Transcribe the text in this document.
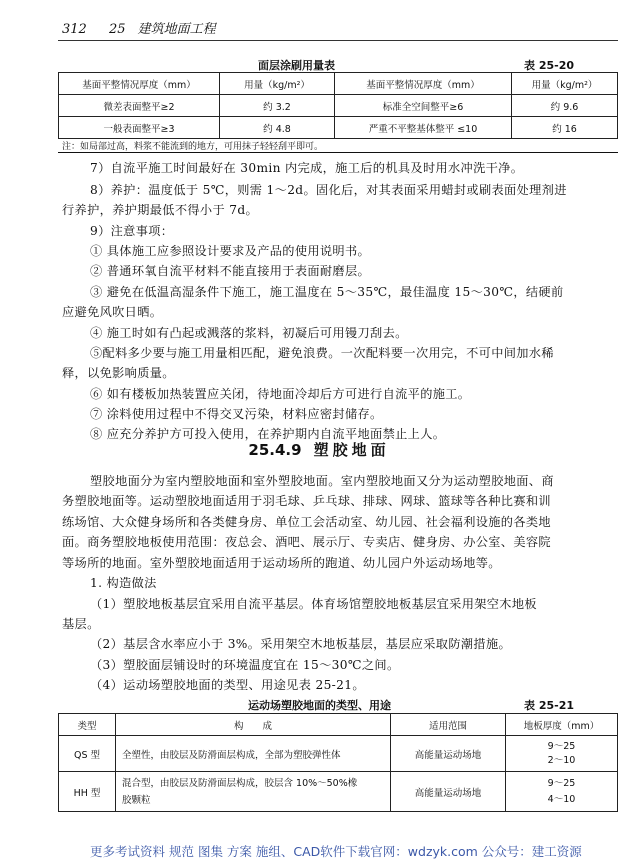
312 25 建筑地面工程
面层涂刷用量表	表 25-20
基面平整情况厚度（mm）	用量（kg/m²）	基面平整情况厚度（mm）	用量（kg/m²）
微差表面整平≥2	约 3.2	标准全空间整平≥6	约 9.6
一般表面整平≥3	约 4.8	严重不平整基体整平 ≤10	约 16
注：如局部过高，料浆不能流到的地方，可用抹子轻轻刮平即可。
7）自流平施工时间最好在 30min 内完成，施工后的机具及时用水冲洗干净。
8）养护：温度低于 5℃，则需 1～2d。固化后，对其表面采用蜡封或刷表面处理剂进
行养护，养护期最低不得小于 7d。
9）注意事项：
① 具体施工应参照设计要求及产品的使用说明书。
② 普通环氧自流平材料不能直接用于表面耐磨层。
③ 避免在低温高湿条件下施工，施工温度在 5～35℃，最佳温度 15～30℃，结硬前
应避免风吹日晒。
④ 施工时如有凸起或溅落的浆料，初凝后可用镘刀刮去。
⑤配料多少要与施工用量相匹配，避免浪费。一次配料要一次用完，不可中间加水稀
释，以免影响质量。
⑥ 如有楼板加热装置应关闭，待地面冷却后方可进行自流平的施工。
⑦ 涂料使用过程中不得交叉污染，材料应密封储存。
⑧ 应充分养护方可投入使用，在养护期内自流平地面禁止上人。
25.4.9 塑胶地面
塑胶地面分为室内塑胶地面和室外塑胶地面。室内塑胶地面又分为运动塑胶地面、商
务塑胶地面等。运动塑胶地面适用于羽毛球、乒乓球、排球、网球、篮球等各种比赛和训
练场馆、大众健身场所和各类健身房、单位工会活动室、幼儿园、社会福利设施的各类地
面。商务塑胶地板使用范围：夜总会、酒吧、展示厅、专卖店、健身房、办公室、美容院
等场所的地面。室外塑胶地面适用于运动场所的跑道、幼儿园户外运动场地等。
1. 构造做法
（1）塑胶地板基层宜采用自流平基层。体育场馆塑胶地板基层宜采用架空木地板
基层。
（2）基层含水率应小于 3%。采用架空木地板基层，基层应采取防潮措施。
（3）塑胶面层铺设时的环境温度宜在 15～30℃之间。
（4）运动场塑胶地面的类型、用途见表 25-21。
运动场塑胶地面的类型、用途	表 25-21
类型	构　　成	适用范围	地板厚度（mm）
QS 型	全塑性，由胶层及防滑面层构成，全部为塑胶弹性体	高能量运动场地	9～25
2～10

HH 型	混合型，由胶层及防滑面层构成，胶层含 10%～50%橡
胶颗粒	高能量运动场地	9～25
4～10
更多考试资料 规范 图集 方案 施组、CAD软件下载官网：wdzyk.com 公众号：建工资源
